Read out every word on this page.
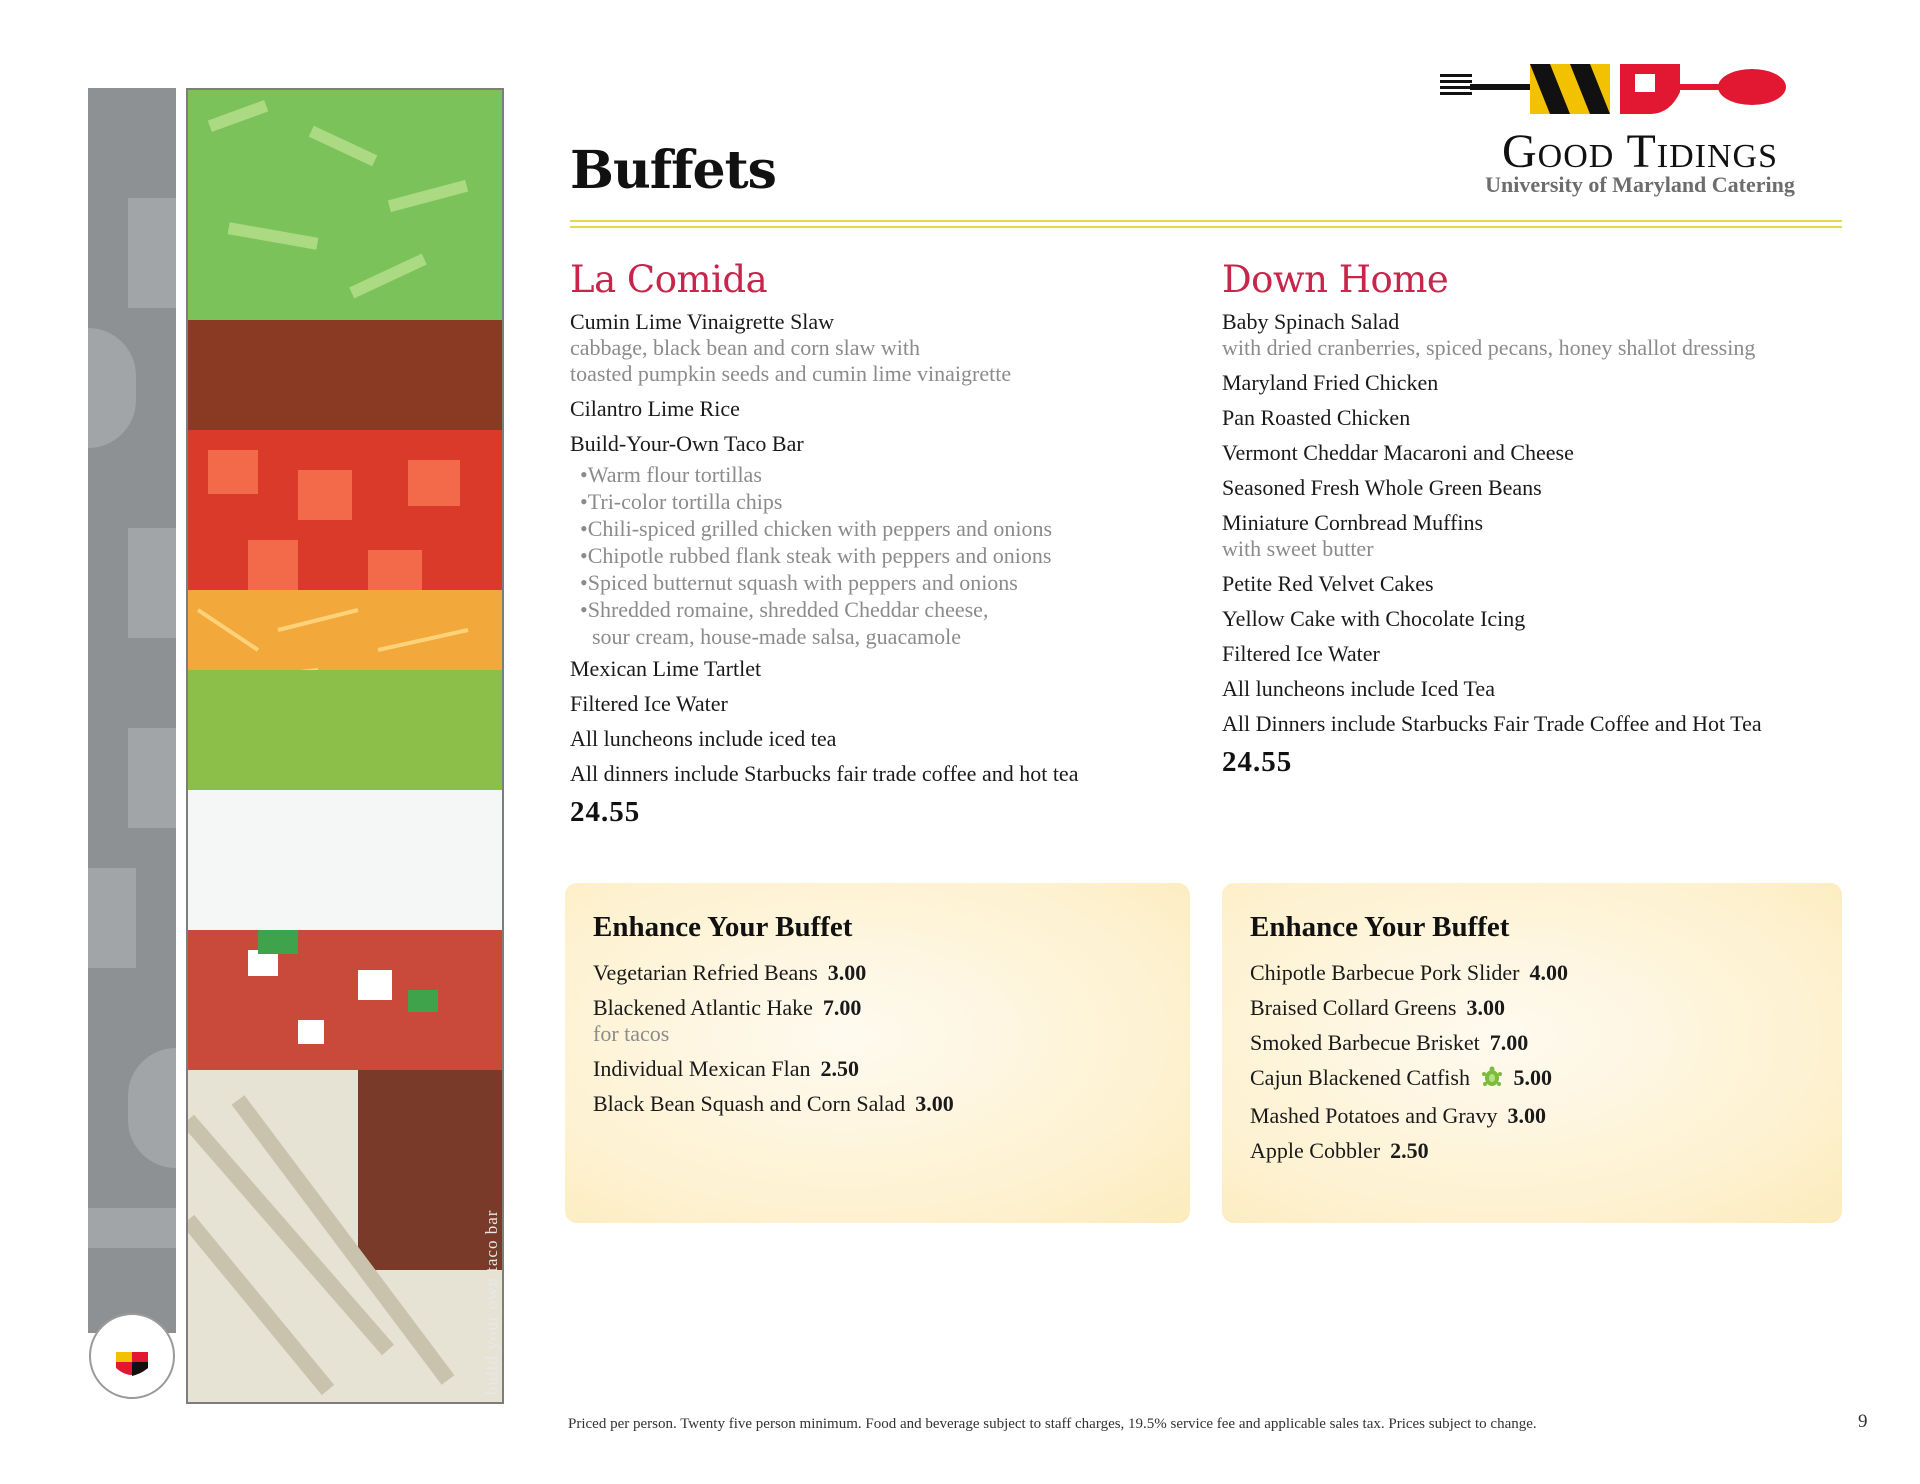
build your own taco bar
Buffets	Good Tidings
University of Maryland Catering
La Comida
Cumin Lime Vinaigrette Slaw
cabbage, black bean and corn slaw with
toasted pumpkin seeds and cumin lime vinaigrette
Cilantro Lime Rice
Build-Your-Own Taco Bar
•Warm flour tortillas
•Tri-color tortilla chips
•Chili-spiced grilled chicken with peppers and onions
•Chipotle rubbed flank steak with peppers and onions
•Spiced butternut squash with peppers and onions
•Shredded romaine, shredded Cheddar cheese,
sour cream, house-made salsa, guacamole
Mexican Lime Tartlet
Filtered Ice Water
All luncheons include iced tea
All dinners include Starbucks fair trade coffee and hot tea
24.55
Down Home
Baby Spinach Salad
with dried cranberries, spiced pecans, honey shallot dressing
Maryland Fried Chicken
Pan Roasted Chicken
Vermont Cheddar Macaroni and Cheese
Seasoned Fresh Whole Green Beans
Miniature Cornbread Muffins
with sweet butter
Petite Red Velvet Cakes
Yellow Cake with Chocolate Icing
Filtered Ice Water
All luncheons include Iced Tea
All Dinners include Starbucks Fair Trade Coffee and Hot Tea
24.55
Enhance Your Buffet
Vegetarian Refried Beans 3.00
Blackened Atlantic Hake 7.00
for tacos
Individual Mexican Flan 2.50
Black Bean Squash and Corn Salad 3.00
Enhance Your Buffet
Chipotle Barbecue Pork Slider 4.00
Braised Collard Greens 3.00
Smoked Barbecue Brisket 7.00
Cajun Blackened Catfish 5.00
Mashed Potatoes and Gravy 3.00
Apple Cobbler 2.50
Priced per person. Twenty five person minimum. Food and beverage subject to staff charges, 19.5% service fee and applicable sales tax. Prices subject to change.	9
